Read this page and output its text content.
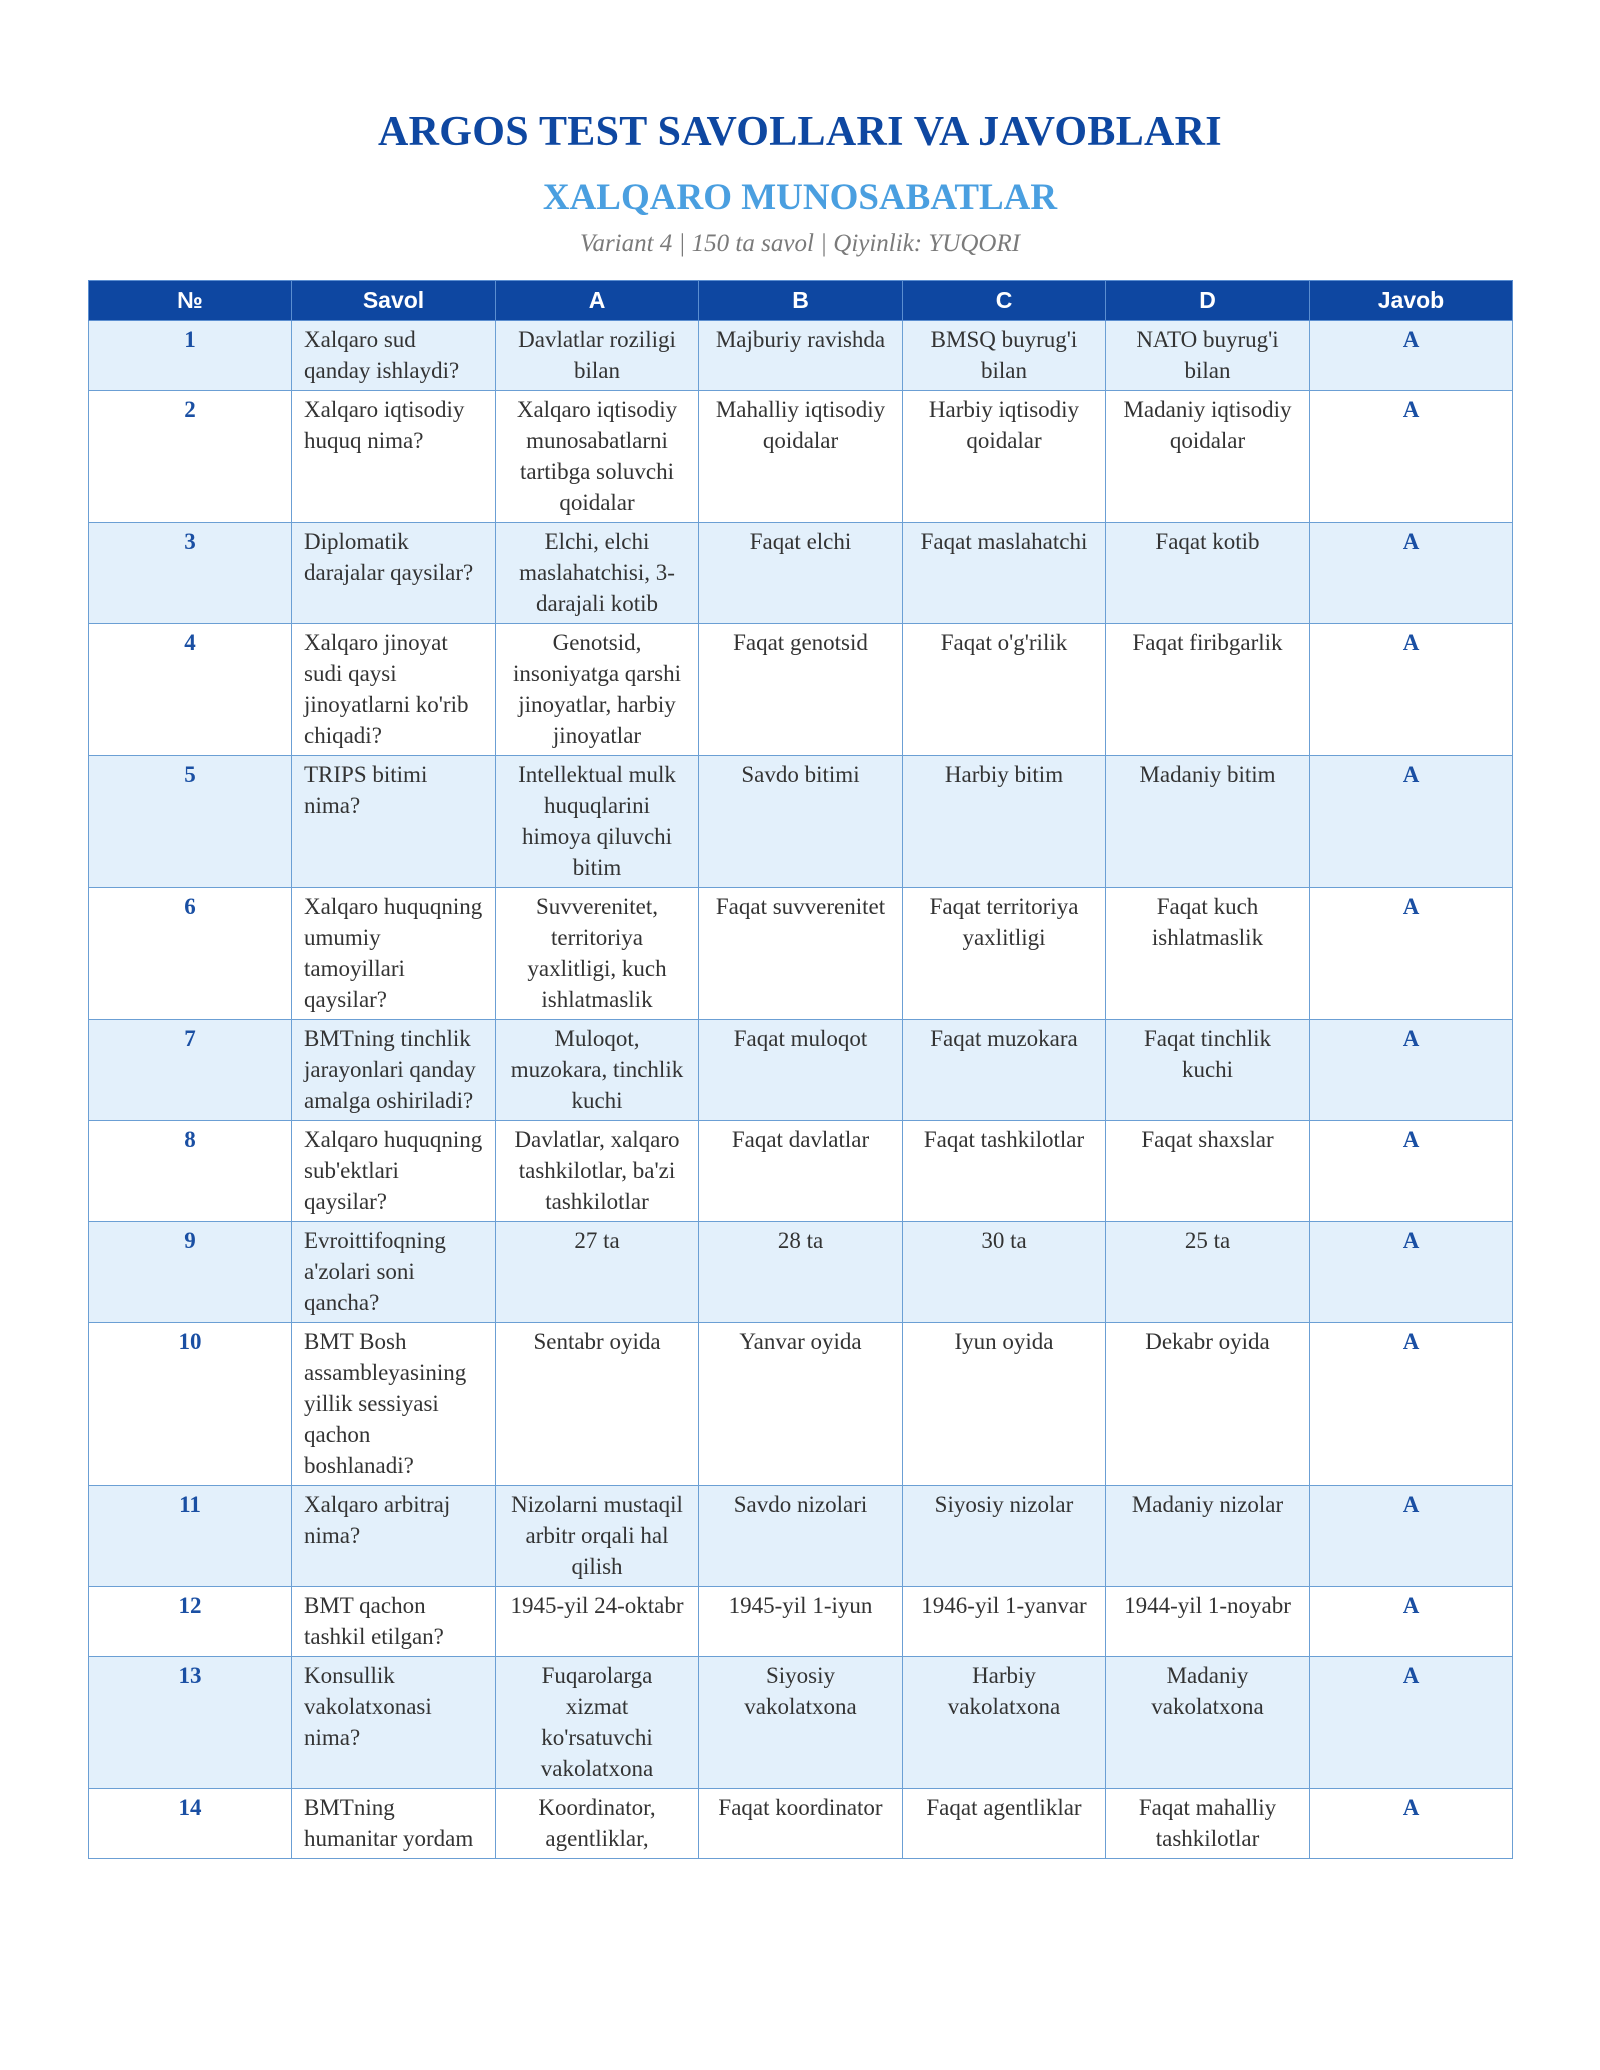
ARGOS TEST SAVOLLARI VA JAVOBLARI
XALQARO MUNOSABATLAR
Variant 4 | 150 ta savol | Qiyinlik: YUQORI
№	Savol	A	B	C	D	Javob
1	Xalqaro sud qanday ishlaydi?	Davlatlar roziligi bilan	Majburiy ravishda	BMSQ buyrug'i bilan	NATO buyrug'i bilan	A
2	Xalqaro iqtisodiy huquq nima?	Xalqaro iqtisodiy munosabatlarni tartibga soluvchi qoidalar	Mahalliy iqtisodiy qoidalar	Harbiy iqtisodiy qoidalar	Madaniy iqtisodiy qoidalar	A
3	Diplomatik darajalar qaysilar?	Elchi, elchi maslahatchisi, 3-darajali kotib	Faqat elchi	Faqat maslahatchi	Faqat kotib	A
4	Xalqaro jinoyat sudi qaysi jinoyatlarni ko'rib chiqadi?	Genotsid, insoniyatga qarshi jinoyatlar, harbiy jinoyatlar	Faqat genotsid	Faqat o'g'rilik	Faqat firibgarlik	A
5	TRIPS bitimi nima?	Intellektual mulk huquqlarini himoya qiluvchi bitim	Savdo bitimi	Harbiy bitim	Madaniy bitim	A
6	Xalqaro huquqning umumiy tamoyillari qaysilar?	Suvverenitet, territoriya yaxlitligi, kuch ishlatmaslik	Faqat suvverenitet	Faqat territoriya yaxlitligi	Faqat kuch ishlatmaslik	A
7	BMTning tinchlik jarayonlari qanday amalga oshiriladi?	Muloqot, muzokara, tinchlik kuchi	Faqat muloqot	Faqat muzokara	Faqat tinchlik kuchi	A
8	Xalqaro huquqning sub'ektlari qaysilar?	Davlatlar, xalqaro tashkilotlar, ba'zi tashkilotlar	Faqat davlatlar	Faqat tashkilotlar	Faqat shaxslar	A
9	Evroittifoqning a'zolari soni qancha?	27 ta	28 ta	30 ta	25 ta	A
10	BMT Bosh assambleyasining yillik sessiyasi qachon boshlanadi?	Sentabr oyida	Yanvar oyida	Iyun oyida	Dekabr oyida	A
11	Xalqaro arbitraj nima?	Nizolarni mustaqil arbitr orqali hal qilish	Savdo nizolari	Siyosiy nizolar	Madaniy nizolar	A
12	BMT qachon tashkil etilgan?	1945-yil 24-oktabr	1945-yil 1-iyun	1946-yil 1-yanvar	1944-yil 1-noyabr	A
13	Konsullik vakolatxonasi nima?	Fuqarolarga xizmat ko'rsatuvchi vakolatxona	Siyosiy vakolatxona	Harbiy vakolatxona	Madaniy vakolatxona	A
14	BMTning humanitar yordam	Koordinator, agentliklar,	Faqat koordinator	Faqat agentliklar	Faqat mahalliy tashkilotlar	A
